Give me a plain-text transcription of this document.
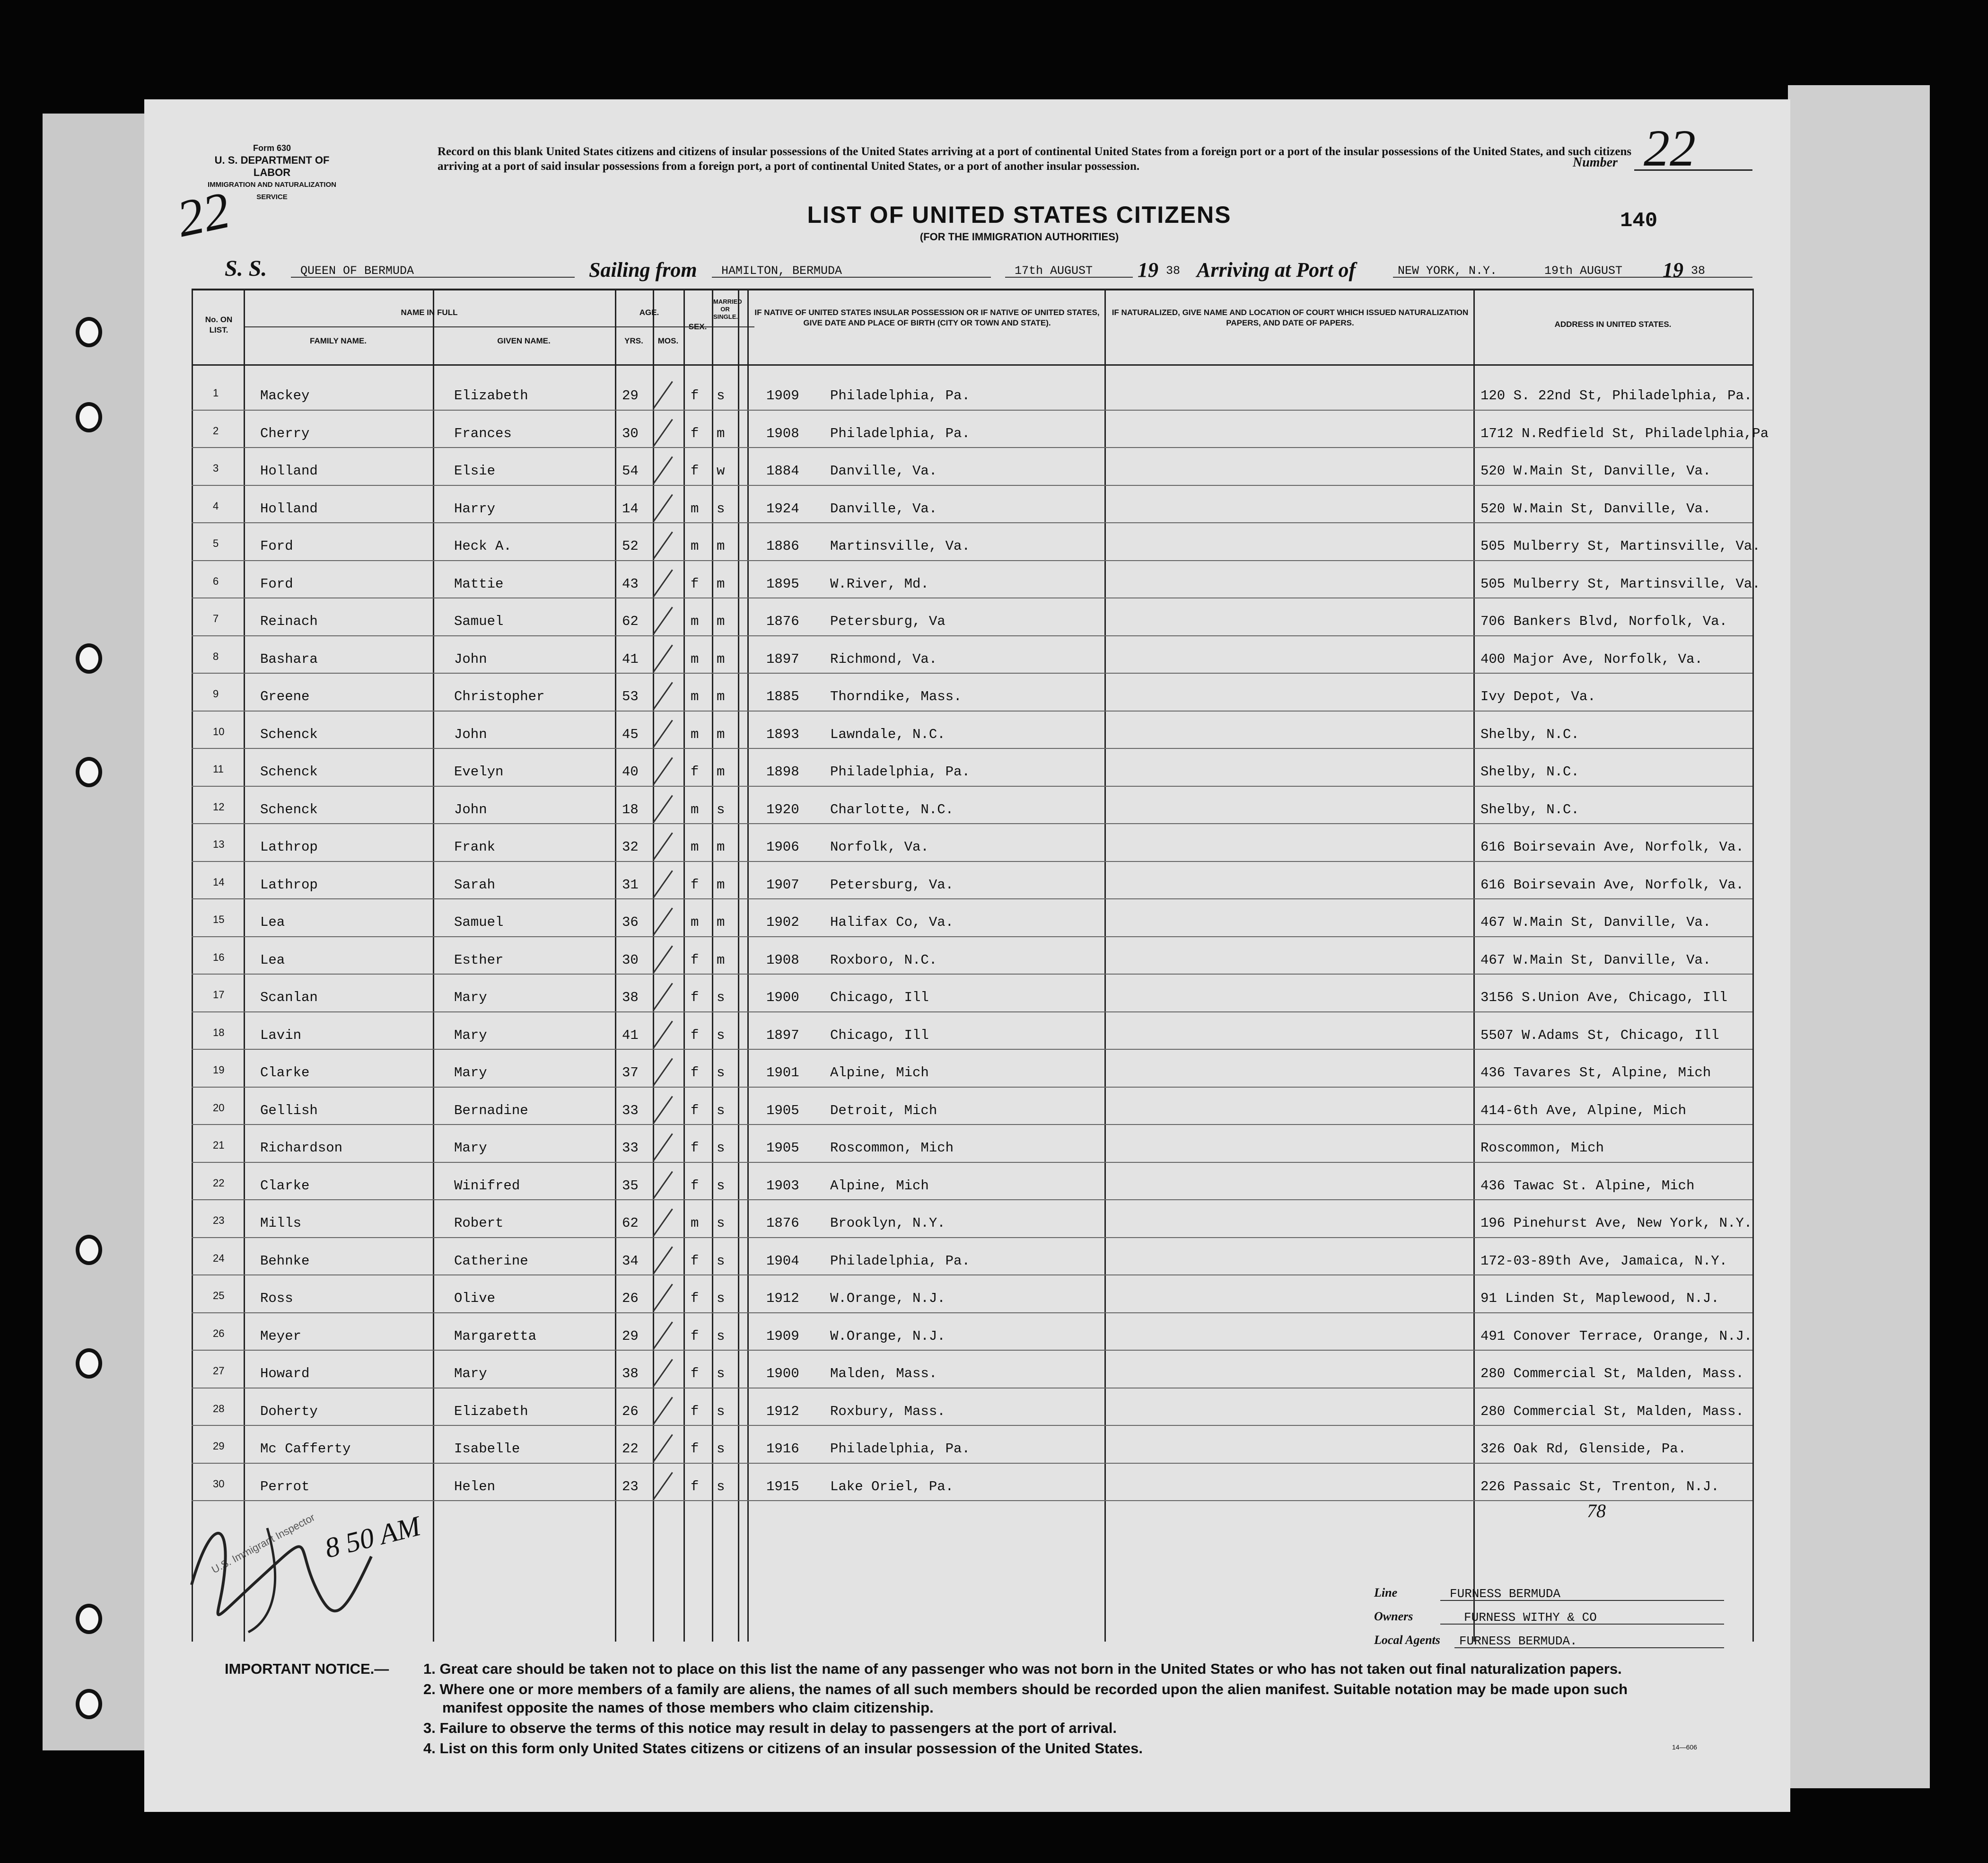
Form 630
U. S. DEPARTMENT OF LABOR
IMMIGRATION AND NATURALIZATION SERVICE
22
Record on this blank United States citizens and citizens of insular possessions of the United States arriving at a port of continental United States from a foreign port or a port of the insular possessions of the United States, and such citizens arriving at a port of said insular possessions from a foreign port, a port of continental United States, or a port of another insular possession.	Number 22
LIST OF UNITED STATES CITIZENS
(FOR THE IMMIGRATION AUTHORITIES)
140
S. S.	QUEEN OF BERMUDA	Sailing from HAMILTON, BERMUDA	17th AUGUST 19 38 Arriving at Port of	NEW YORK, N.Y.	19th AUGUST 19 38
No. ON LIST.
NAME IN FULL
FAMILY NAME.	GIVEN NAME.
AGE.
YRS.	MOS.
SEX.
MARRIED OR SINGLE. IF NATIVE OF UNITED STATES INSULAR POSSESSION OR IF NATIVE OF UNITED STATES, GIVE DATE AND PLACE OF BIRTH (CITY OR TOWN AND STATE).
IF NATURALIZED, GIVE NAME AND LOCATION OF COURT WHICH ISSUED NATURALIZATION PAPERS, AND DATE OF PAPERS.	ADDRESS IN UNITED STATES.
1	Mackey	Elizabeth	29	f s	1909 Philadelphia, Pa.	120 S. 22nd St, Philadelphia, Pa.
2	Cherry	Frances	30	f m	1908 Philadelphia, Pa.	1712 N.Redfield St, Philadelphia,Pa
3	Holland	Elsie	54	f w	1884 Danville, Va.	520 W.Main St, Danville, Va.
4	Holland	Harry	14	m s	1924 Danville, Va.	520 W.Main St, Danville, Va.
5	Ford	Heck A.	52	m m	1886 Martinsville, Va.	505 Mulberry St, Martinsville, Va.
6	Ford	Mattie	43	f m	1895 W.River, Md.	505 Mulberry St, Martinsville, Va.
7	Reinach	Samuel	62	m m	1876 Petersburg, Va	706 Bankers Blvd, Norfolk, Va.
8	Bashara	John	41	m m	1897 Richmond, Va.	400 Major Ave, Norfolk, Va.
9	Greene	Christopher	53	m m	1885 Thorndike, Mass.	Ivy Depot, Va.
10	Schenck	John	45	m m	1893 Lawndale, N.C.	Shelby, N.C.
11	Schenck	Evelyn	40	f m	1898 Philadelphia, Pa.	Shelby, N.C.
12	Schenck	John	18	m s	1920 Charlotte, N.C.	Shelby, N.C.
13	Lathrop	Frank	32	m m	1906 Norfolk, Va.	616 Boirsevain Ave, Norfolk, Va.
14	Lathrop	Sarah	31	f m	1907 Petersburg, Va.	616 Boirsevain Ave, Norfolk, Va.
15	Lea	Samuel	36	m m	1902 Halifax Co, Va.	467 W.Main St, Danville, Va.
16	Lea	Esther	30	f m	1908 Roxboro, N.C.	467 W.Main St, Danville, Va.
17	Scanlan	Mary	38	f s	1900 Chicago, Ill	3156 S.Union Ave, Chicago, Ill
18	Lavin	Mary	41	f s	1897 Chicago, Ill	5507 W.Adams St, Chicago, Ill
19	Clarke	Mary	37	f s	1901 Alpine, Mich	436 Tavares St, Alpine, Mich
20	Gellish	Bernadine	33	f s	1905 Detroit, Mich	414-6th Ave, Alpine, Mich
21	Richardson	Mary	33	f s	1905 Roscommon, Mich	Roscommon, Mich
22	Clarke	Winifred	35	f s	1903 Alpine, Mich	436 Tawac St. Alpine, Mich
23	Mills	Robert	62	m s	1876 Brooklyn, N.Y.	196 Pinehurst Ave, New York, N.Y.
24	Behnke	Catherine	34	f s	1904 Philadelphia, Pa.	172-03-89th Ave, Jamaica, N.Y.
25	Ross	Olive	26	f s	1912 W.Orange, N.J.	91 Linden St, Maplewood, N.J.
26	Meyer	Margaretta	29	f s	1909 W.Orange, N.J.	491 Conover Terrace, Orange, N.J.
27	Howard	Mary	38	f s	1900 Malden, Mass.	280 Commercial St, Malden, Mass.
28	Doherty	Elizabeth	26	f s	1912 Roxbury, Mass.	280 Commercial St, Malden, Mass.
29	Mc Cafferty	Isabelle	22	f s	1916 Philadelphia, Pa.	326 Oak Rd, Glenside, Pa.
30	Perrot	Helen	23	f s	1915 Lake Oriel, Pa.	226 Passaic St, Trenton, N.J.
78
8 50 AM
U.S. Immigrant Inspector
Line	FURNESS BERMUDA
Owners	FURNESS WITHY & CO
Local Agents FURNESS BERMUDA.
IMPORTANT NOTICE.— 1. Great care should be taken not to place on this list the name of any passenger who was not born in the United States or who has not taken out final naturalization papers.
2. Where one or more members of a family are aliens, the names of all such members should be recorded upon the alien manifest. Suitable notation may be made upon such
manifest opposite the names of those members who claim citizenship.
3. Failure to observe the terms of this notice may result in delay to passengers at the port of arrival.
4. List on this form only United States citizens or citizens of an insular possession of the United States.	14—606
